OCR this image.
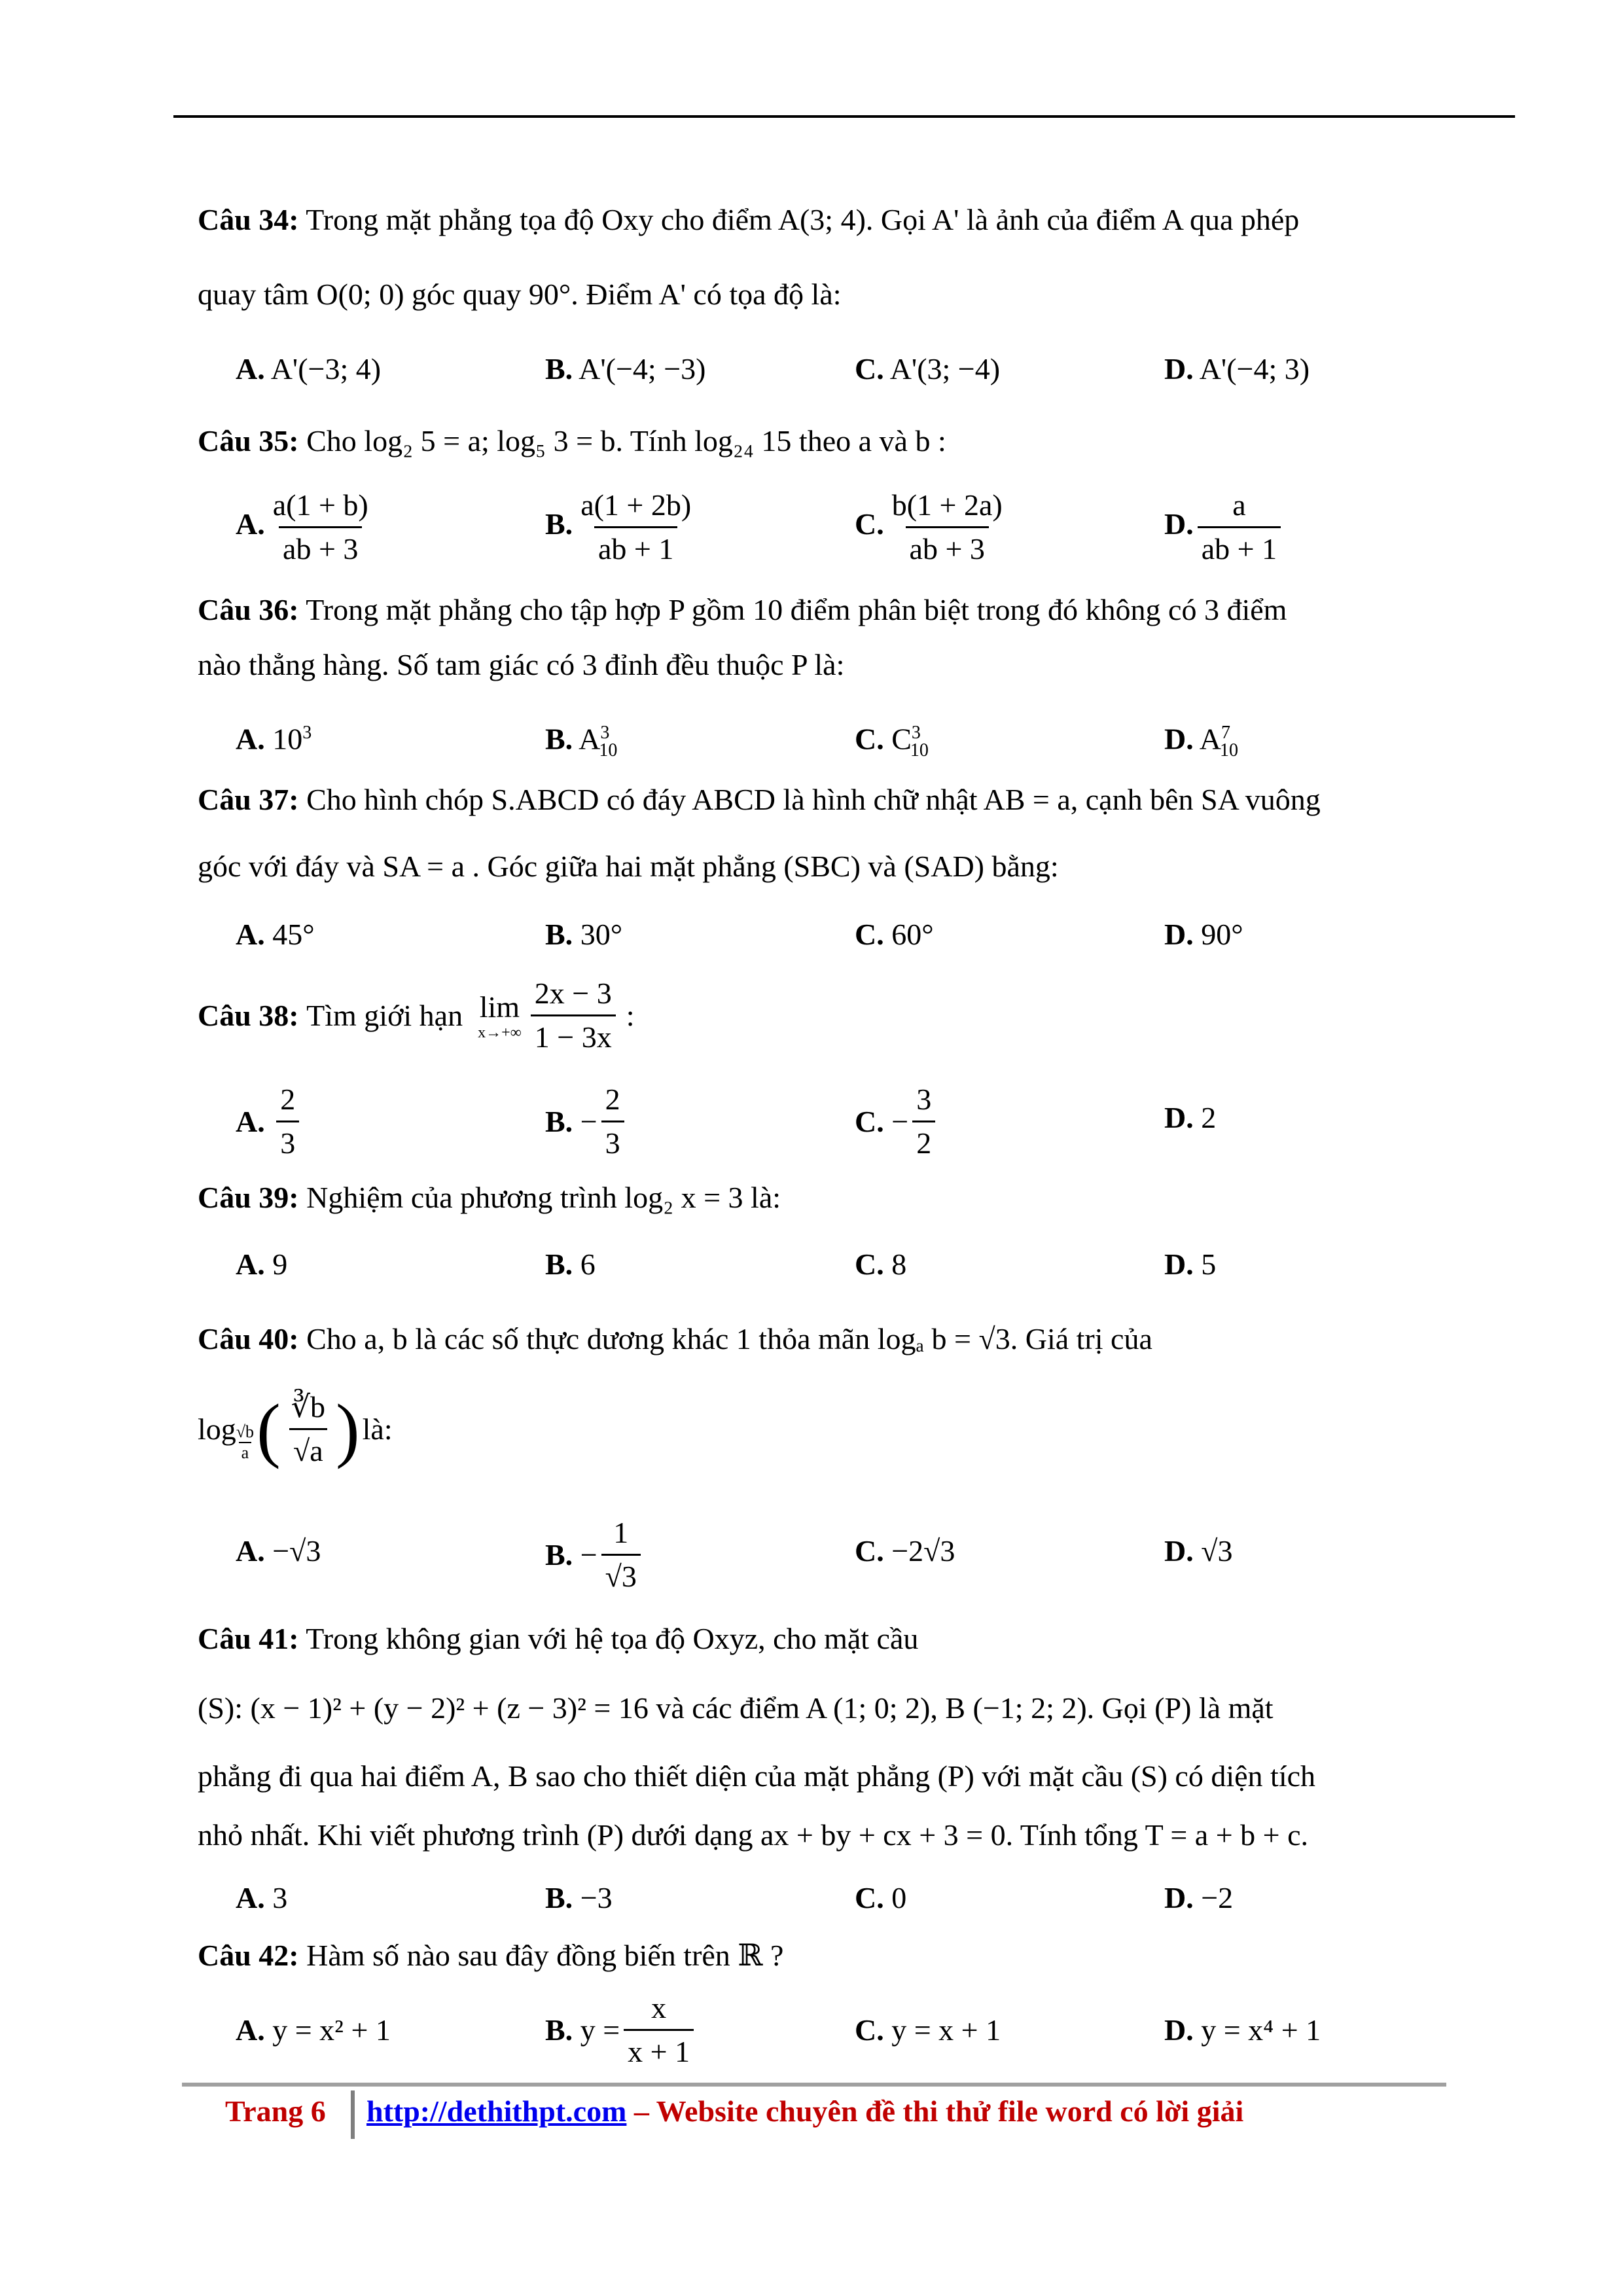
Câu 34: Trong mặt phẳng tọa độ Oxy cho điểm A(3; 4). Gọi A' là ảnh của điểm A qua phép
quay tâm O(0; 0) góc quay 90°. Điểm A' có tọa độ là:
A. A'(−3; 4)	B. A'(−4; −3)	C. A'(3; −4)	D. A'(−4; 3)
Câu 35: Cho log₂ 5 = a; log₅ 3 = b. Tính log₂₄ 15 theo a và b :
A. $\frac{a(1 + b)}{ab + 3}$	B. $\frac{a(1 + 2b)}{ab + 1}$	C. $\frac{b(1 + 2a)}{ab + 3}$	D. $\frac{a}{ab + 1}$
Câu 36: Trong mặt phẳng cho tập hợp P gồm 10 điểm phân biệt trong đó không có 3 điểm
nào thẳng hàng. Số tam giác có 3 đỉnh đều thuộc P là:
A. $10^3$	B. $A^3_{10}$	C. $C^3_{10}$	D. $A^7_{10}$
Câu 37: Cho hình chóp S.ABCD có đáy ABCD là hình chữ nhật AB = a, cạnh bên SA vuông
góc với đáy và SA = a . Góc giữa hai mặt phẳng (SBC) và (SAD) bằng:
A. 45°	B. 30°	C. 60°	D. 90°
Câu 38:
Tìm giới hạn
lim
$x\to+\infty \frac{2x - 3}{1 - 3x}$ :
A.
$\frac{2}{3}$	B.
− $\frac{2}{3}$	C.
− $\frac{3}{2}$	D. 2
Câu 39: Nghiệm của phương trình log₂ x = 3 là:
A. 9	B. 6	C. 8	D. 5
Câu 40: Cho a, b là các số thực dương khác 1 thỏa mãn logₐ b = √3. Giá trị của
log √b
a ( $\frac{∛b}{√a}$ ) là:
A. −√3	B.
− $\frac{1}{√3}$	C. −2√3	D. √3
Câu 41: Trong không gian với hệ tọa độ Oxyz, cho mặt cầu
(S): (x − 1)² + (y − 2)² + (z − 3)² = 16 và các điểm A (1; 0; 2), B (−1; 2; 2). Gọi (P) là mặt
phẳng đi qua hai điểm A, B sao cho thiết diện của mặt phẳng (P) với mặt cầu (S) có diện tích
nhỏ nhất. Khi viết phương trình (P) dưới dạng ax + by + cx + 3 = 0. Tính tổng T = a + b + c.
A. 3	B. −3	C. 0	D. −2
Câu 42: Hàm số nào sau đây đồng biến trên ℝ ?
A. y = x² + 1	B.
$y = \frac{x}{x + 1}$	C. y = x + 1	D. y = x⁴ + 1
Trang 6 http://dethithpt.com – Website chuyên đề thi thử file word có lời giải
